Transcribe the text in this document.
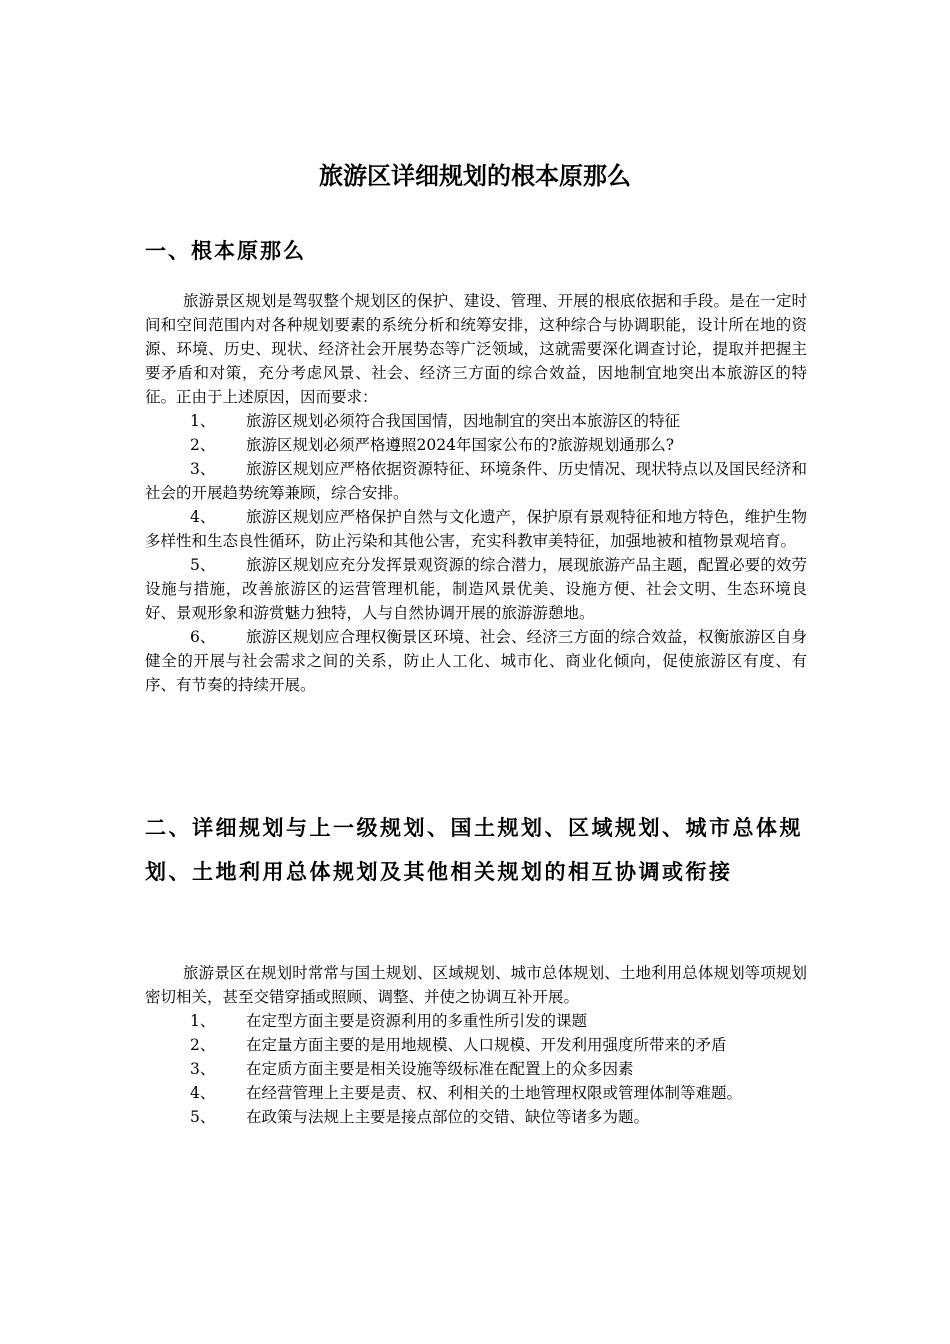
旅游区详细规划的根本原那么
一、根本原那么

旅游景区规划是驾驭整个规划区的保护、建设、管理、开展的根底依据和手段。是在一定时间和空间范围内对各种规划要素的系统分析和统筹安排，这种综合与协调职能，设计所在地的资源、环境、历史、现状、经济社会开展势态等广泛领域，这就需要深化调查讨论，提取并把握主要矛盾和对策，充分考虑风景、社会、经济三方面的综合效益，因地制宜地突出本旅游区的特征。正由于上述原因，因而要求：

1、 旅游区规划必须符合我国国情，因地制宜的突出本旅游区的特征

2、 旅游区规划必须严格遵照2024年国家公布的?旅游规划通那么?

3、 旅游区规划应严格依据资源特征、环境条件、历史情况、现状特点以及国民经济和社会的开展趋势统筹兼顾，综合安排。

4、 旅游区规划应严格保护自然与文化遗产，保护原有景观特征和地方特色，维护生物多样性和生态良性循环，防止污染和其他公害，充实科教审美特征，加强地被和植物景观培育。

5、 旅游区规划应充分发挥景观资源的综合潜力，展现旅游产品主题，配置必要的效劳设施与措施，改善旅游区的运营管理机能，制造风景优美、设施方便、社会文明、生态环境良好、景观形象和游赏魅力独特，人与自然协调开展的旅游游憩地。

6、 旅游区规划应合理权衡景区环境、社会、经济三方面的综合效益，权衡旅游区自身健全的开展与社会需求之间的关系，防止人工化、城市化、商业化倾向，促使旅游区有度、有序、有节奏的持续开展。

二、详细规划与上一级规划、国土规划、区域规划、城市总体规划、土地利用总体规划及其他相关规划的相互协调或衔接

旅游景区在规划时常常与国土规划、区域规划、城市总体规划、土地利用总体规划等项规划密切相关，甚至交错穿插或照顾、调整、并使之协调互补开展。

1、 在定型方面主要是资源利用的多重性所引发的课题

2、 在定量方面主要的是用地规模、人口规模、开发利用强度所带来的矛盾

3、 在定质方面主要是相关设施等级标准在配置上的众多因素

4、 在经营管理上主要是责、权、利相关的土地管理权限或管理体制等难题。

5、 在政策与法规上主要是接点部位的交错、缺位等诸多为题。
